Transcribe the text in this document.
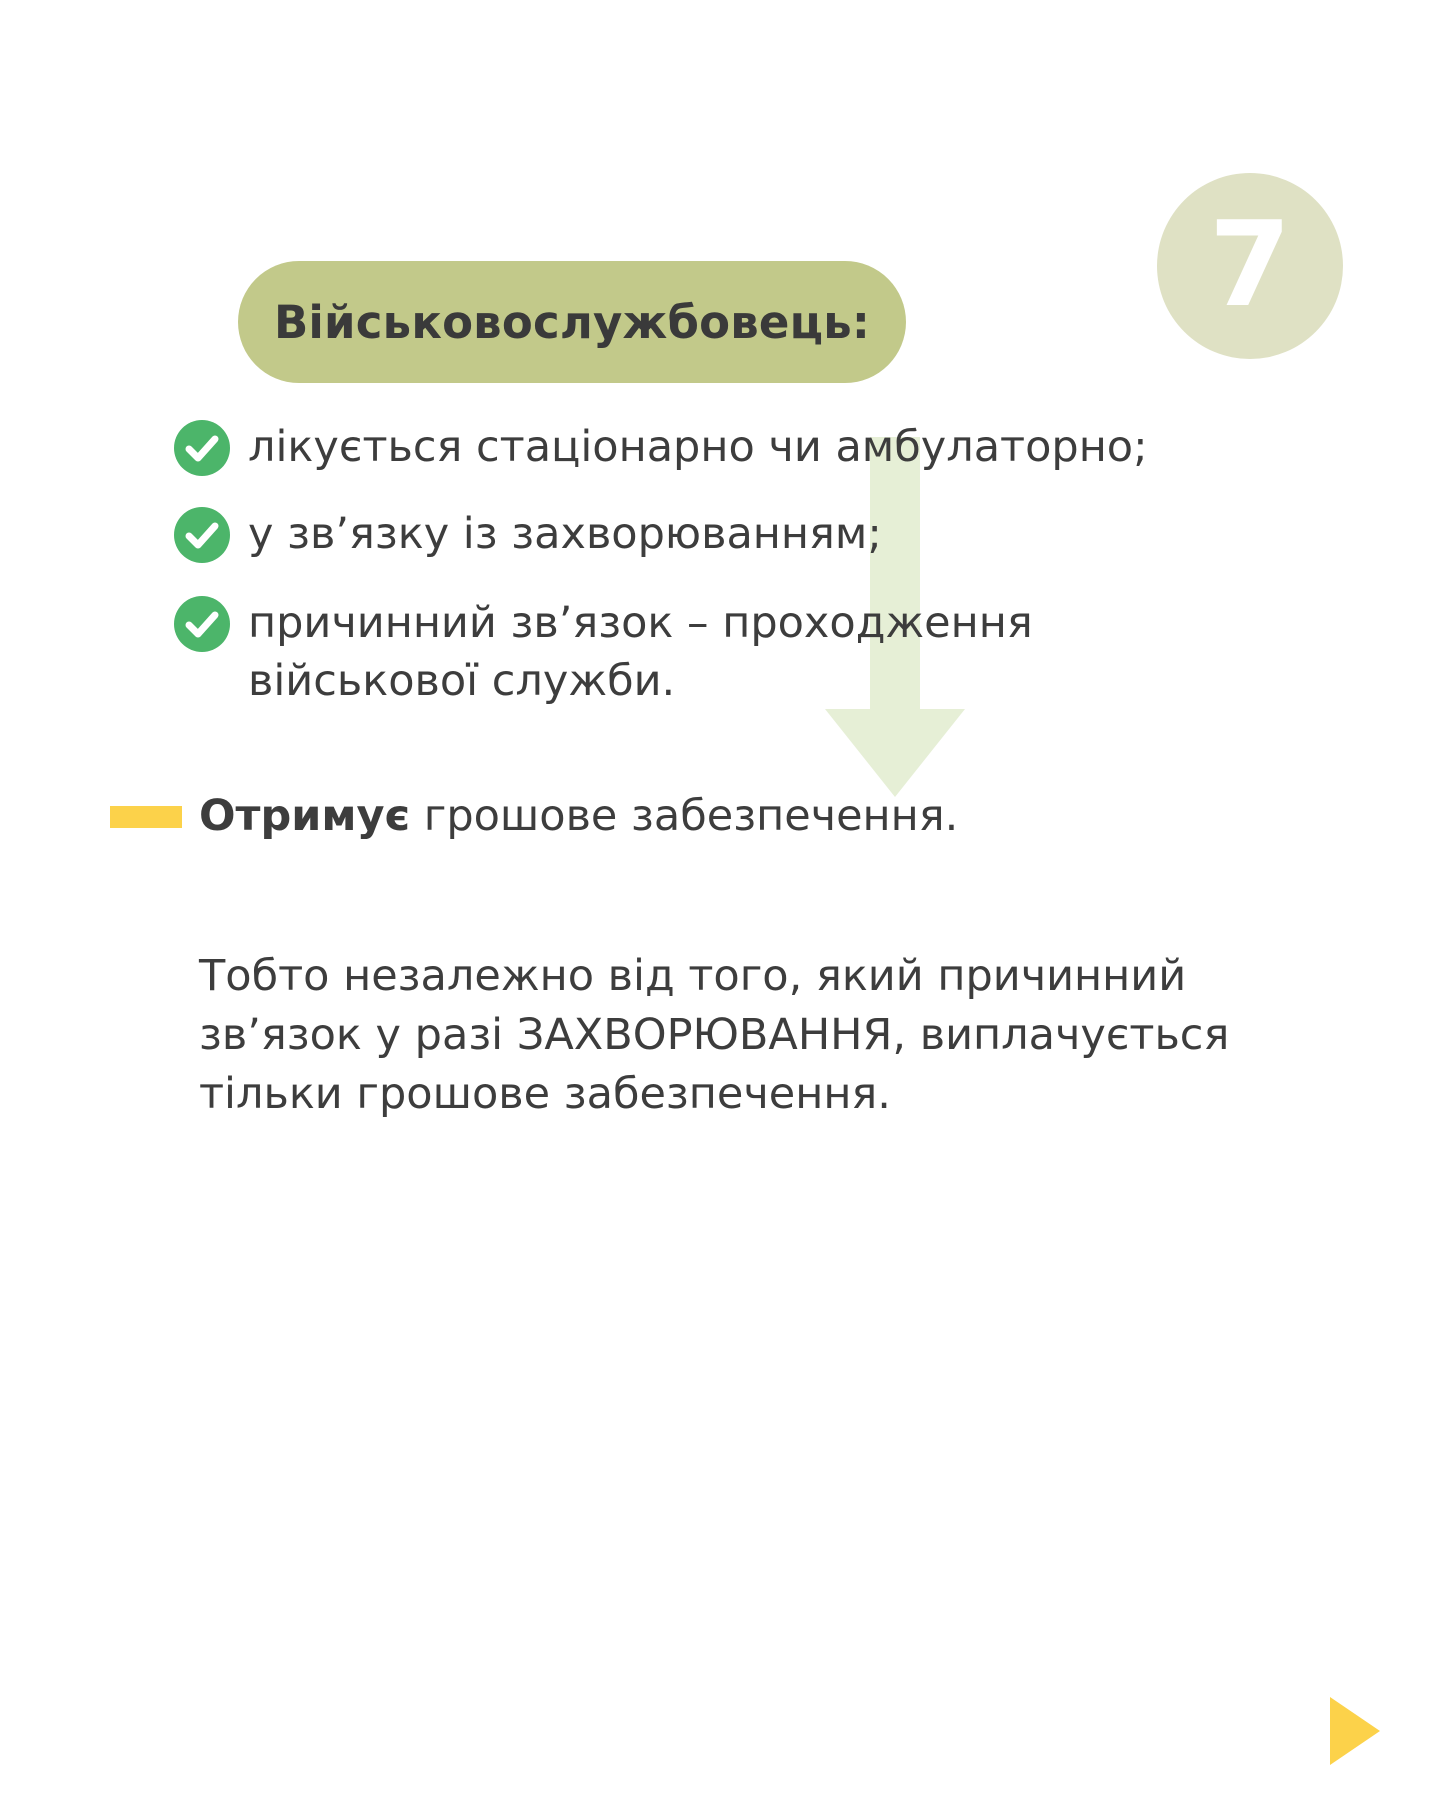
7
Військовослужбовець:
лікується стаціонарно чи амбулаторно;
у зв’язку із захворюванням;
причинний зв’язок – проходження військової служби.
Отримує грошове забезпечення.
Тобто незалежно від того, який причинний зв’язок у разі ЗАХВОРЮВАННЯ, виплачується тільки грошове забезпечення.
